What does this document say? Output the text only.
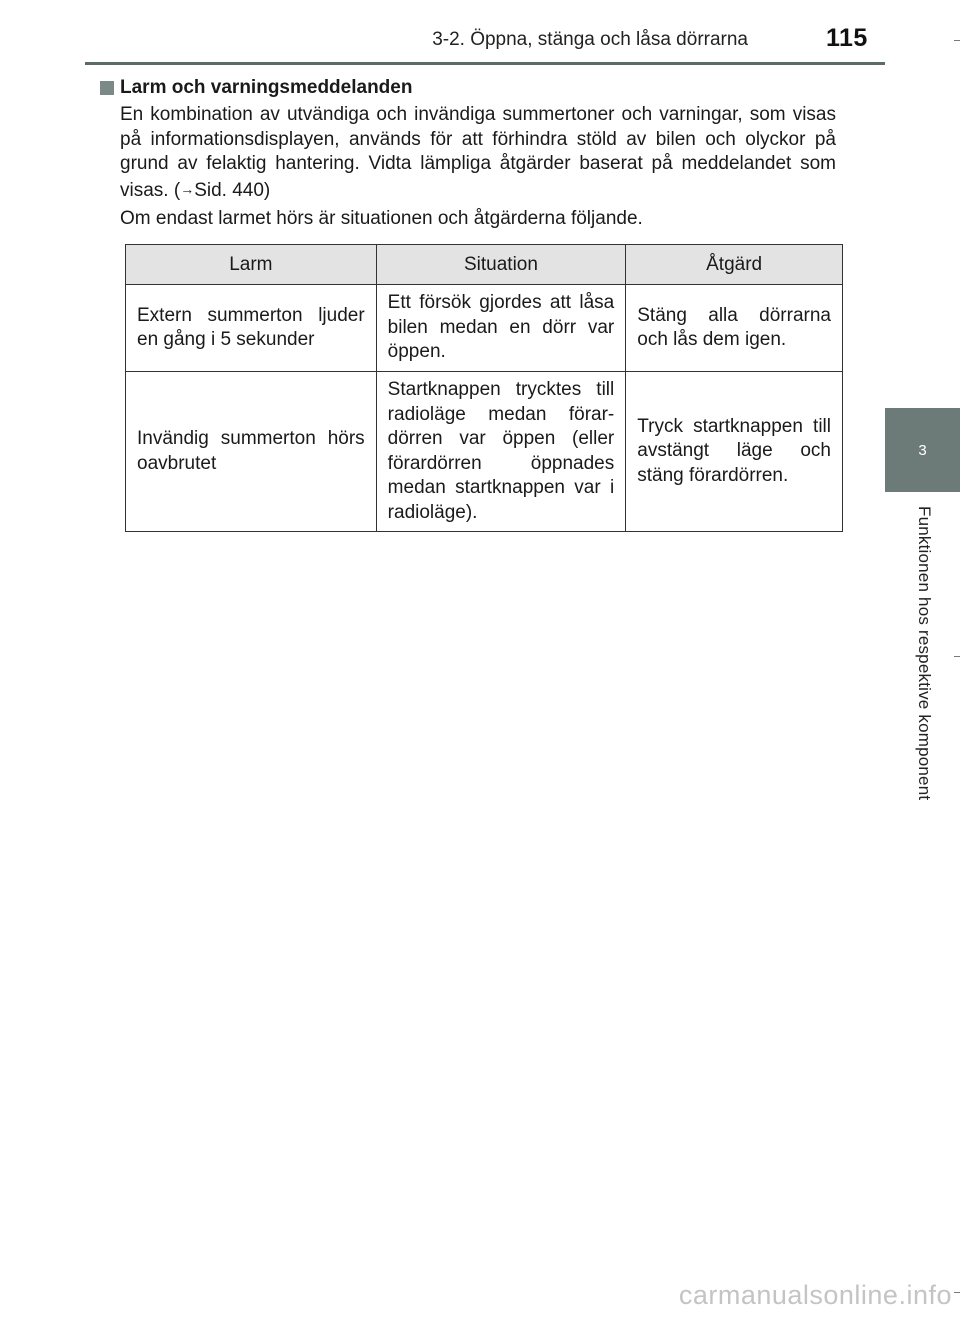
3-2. Öppna, stänga och låsa dörrarna	115
3
Funktionen hos respektive komponent
Larm och varningsmeddelanden
En kombination av utvändiga och invändiga summertoner och varningar, som visas på informationsdisplayen, används för att förhindra stöld av bilen och olyckor på grund av felaktig hantering. Vidta lämpliga åtgärder baserat på meddelandet som visas. (→Sid. 440)
Om endast larmet hörs är situationen och åtgärderna följande.
Larm	Situation	Åtgärd
Extern summerton ljuder en gång i 5 sekunder	Ett försök gjordes att låsa bilen medan en dörr var öppen.	Stäng alla dörrarna och lås dem igen.
Invändig summerton hörs oavbrutet	Startknappen trycktes till radioläge medan förar-dörren var öppen (eller förardörren öppnades medan startknappen var i radioläge).	Tryck startknappen till avstängt läge och stäng förardörren.
carmanualsonline.info
